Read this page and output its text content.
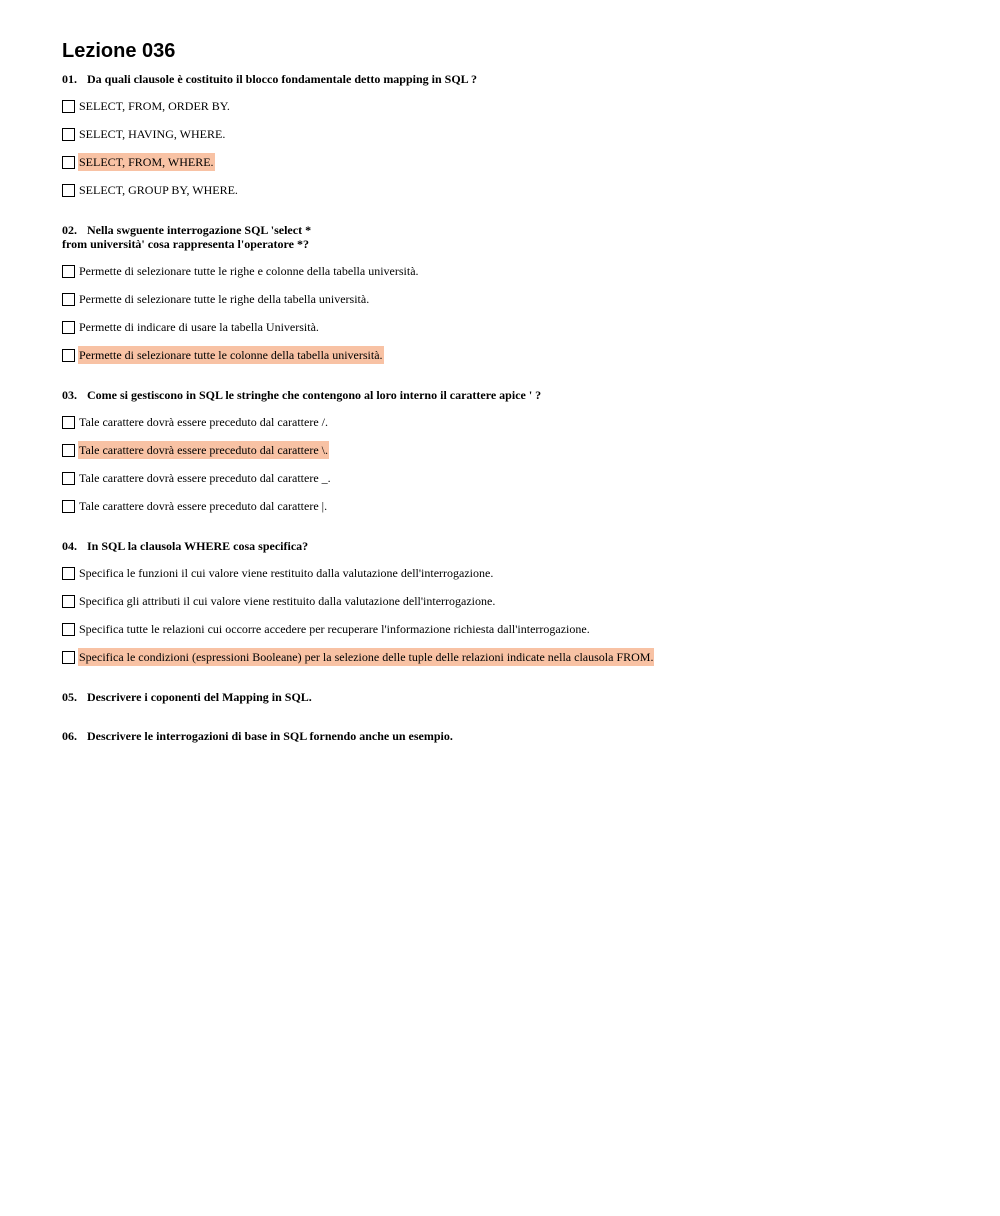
Lezione 036
01. Da quali clausole è costituito il blocco fondamentale detto mapping in SQL ?
SELECT, FROM, ORDER BY.
SELECT, HAVING, WHERE.
SELECT, FROM, WHERE.
SELECT, GROUP BY, WHERE.
02. Nella swguente interrogazione SQL 'select *
from università' cosa rappresenta l'operatore *?
Permette di selezionare tutte le righe e colonne della tabella università.
Permette di selezionare tutte le righe della tabella università.
Permette di indicare di usare la tabella Università.
Permette di selezionare tutte le colonne della tabella università.
03. Come si gestiscono in SQL le stringhe che contengono al loro interno il carattere apice ' ?
Tale carattere dovrà essere preceduto dal carattere /.
Tale carattere dovrà essere preceduto dal carattere \.
Tale carattere dovrà essere preceduto dal carattere _.
Tale carattere dovrà essere preceduto dal carattere |.
04. In SQL la clausola WHERE cosa specifica?
Specifica le funzioni il cui valore viene restituito dalla valutazione dell'interrogazione.
Specifica gli attributi il cui valore viene restituito dalla valutazione dell'interrogazione.
Specifica tutte le relazioni cui occorre accedere per recuperare l'informazione richiesta dall'interrogazione.
Specifica le condizioni (espressioni Booleane) per la selezione delle tuple delle relazioni indicate nella clausola FROM.
05. Descrivere i coponenti del Mapping in SQL.
06. Descrivere le interrogazioni di base in SQL fornendo anche un esempio.
